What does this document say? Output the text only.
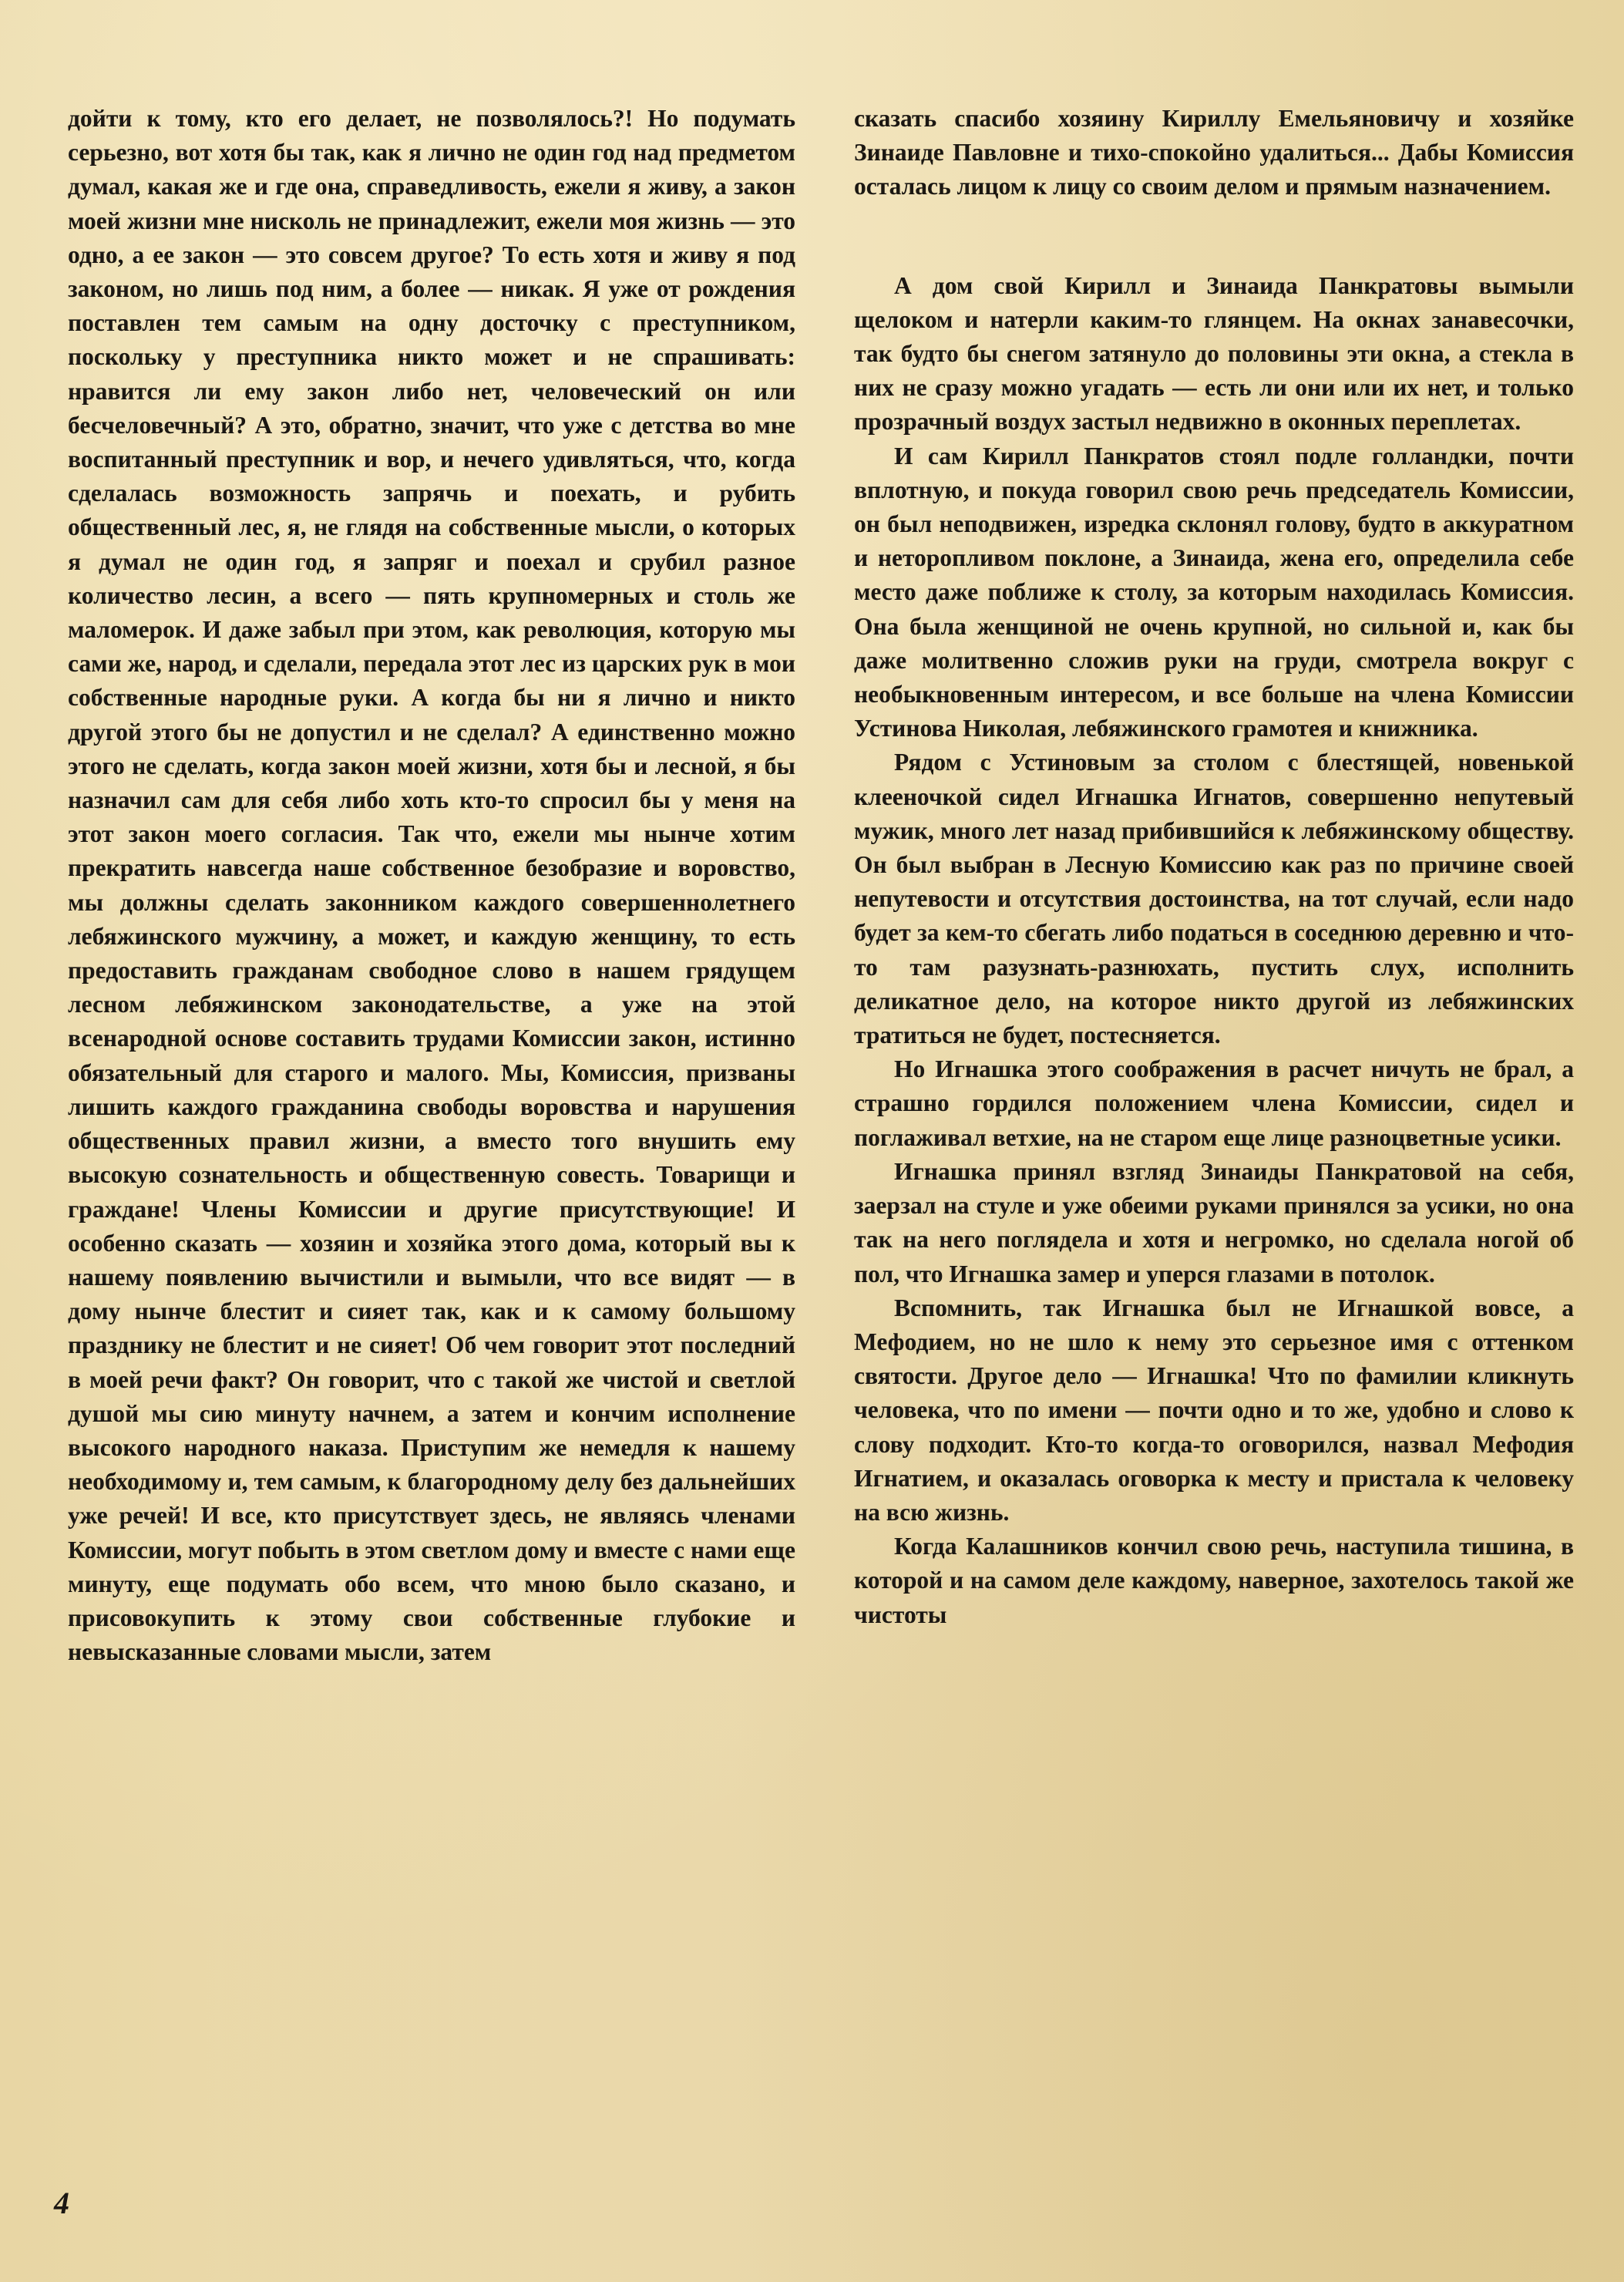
дойти к тому, кто его делает, не позволялось?! Но подумать серьезно, вот хотя бы так, как я лично не один год над предметом думал, какая же и где она, справедливость, ежели я живу, а закон моей жизни мне нисколь не принадлежит, ежели моя жизнь — это одно, а ее закон — это совсем другое? То есть хотя и живу я под законом, но лишь под ним, а более — никак. Я уже от рождения поставлен тем самым на одну досточку с преступником, поскольку у преступника никто может и не спрашивать: нравится ли ему закон либо нет, человеческий он или бесчеловечный? А это, обратно, значит, что уже с детства во мне воспитанный преступник и вор, и нечего удивляться, что, когда сделалась возможность запрячь и поехать, и рубить общественный лес, я, не глядя на собственные мысли, о которых я думал не один год, я запряг и поехал и срубил разное количество лесин, а всего — пять крупномерных и столь же маломерок. И даже забыл при этом, как революция, которую мы сами же, народ, и сделали, передала этот лес из царских рук в мои собственные народные руки. А когда бы ни я лично и никто другой этого бы не допустил и не сделал? А единственно можно этого не сделать, когда закон моей жизни, хотя бы и лесной, я бы назначил сам для себя либо хоть кто-то спросил бы у меня на этот закон моего согласия. Так что, ежели мы нынче хотим прекратить навсегда наше собственное безобразие и воровство, мы должны сделать законником каждого совершеннолетнего лебяжинского мужчину, а может, и каждую женщину, то есть предоставить гражданам свободное слово в нашем грядущем лесном лебяжинском законодательстве, а уже на этой всенародной основе составить трудами Комиссии закон, истинно обязательный для старого и малого. Мы, Комиссия, призваны лишить каждого гражданина свободы воровства и нарушения общественных правил жизни, а вместо того внушить ему высокую сознательность и общественную совесть. Товарищи и граждане! Члены Комиссии и другие присутствующие! И особенно сказать — хозяин и хозяйка этого дома, который вы к нашему появлению вычистили и вымыли, что все видят — в дому нынче блестит и сияет так, как и к самому большому празднику не блестит и не сияет! Об чем говорит этот последний в моей речи факт? Он говорит, что с такой же чистой и светлой душой мы сию минуту начнем, а затем и кончим исполнение высокого народного наказа. Приступим же немедля к нашему необходимому и, тем самым, к благородному делу без дальнейших уже речей! И все, кто присутствует здесь, не являясь членами Комиссии, могут побыть в этом светлом дому и вместе с нами еще минуту, еще подумать обо всем, что мною было сказано, и присовокупить к этому свои собственные глубокие и невысказанные словами мысли, затем

сказать спасибо хозяину Кириллу Емельяновичу и хозяйке Зинаиде Павловне и тихо-спокойно удалиться... Дабы Комиссия осталась лицом к лицу со своим делом и прямым назначением.

А дом свой Кирилл и Зинаида Панкратовы вымыли щелоком и натерли каким-то глянцем. На окнах занавесочки, так будто бы снегом затянуло до половины эти окна, а стекла в них не сразу можно угадать — есть ли они или их нет, и только прозрачный воздух застыл недвижно в оконных переплетах.

И сам Кирилл Панкратов стоял подле голландки, почти вплотную, и покуда говорил свою речь председатель Комиссии, он был неподвижен, изредка склонял голову, будто в аккуратном и неторопливом поклоне, а Зинаида, жена его, определила себе место даже поближе к столу, за которым находилась Комиссия. Она была женщиной не очень крупной, но сильной и, как бы даже молитвенно сложив руки на груди, смотрела вокруг с необыкновенным интересом, и все больше на члена Комиссии Устинова Николая, лебяжинского грамотея и книжника.

Рядом с Устиновым за столом с блестящей, новенькой клееночкой сидел Игнашка Игнатов, совершенно непутевый мужик, много лет назад прибившийся к лебяжинскому обществу. Он был выбран в Лесную Комиссию как раз по причине своей непутевости и отсутствия достоинства, на тот случай, если надо будет за кем-то сбегать либо податься в соседнюю деревню и что-то там разузнать-разнюхать, пустить слух, исполнить деликатное дело, на которое никто другой из лебяжинских тратиться не будет, постесняется.

Но Игнашка этого соображения в расчет ничуть не брал, а страшно гордился положением члена Комиссии, сидел и поглаживал ветхие, на не старом еще лице разноцветные усики.

Игнашка принял взгляд Зинаиды Панкратовой на себя, заерзал на стуле и уже обеими руками принялся за усики, но она так на него поглядела и хотя и негромко, но сделала ногой об пол, что Игнашка замер и уперся глазами в потолок.

Вспомнить, так Игнашка был не Игнашкой вовсе, а Мефодием, но не шло к нему это серьезное имя с оттенком святости. Другое дело — Игнашка! Что по фамилии кликнуть человека, что по имени — почти одно и то же, удобно и слово к слову подходит. Кто-то когда-то оговорился, назвал Мефодия Игнатием, и оказалась оговорка к месту и пристала к человеку на всю жизнь.

Когда Калашников кончил свою речь, наступила тишина, в которой и на самом деле каждому, наверное, захотелось такой же чистоты

4
